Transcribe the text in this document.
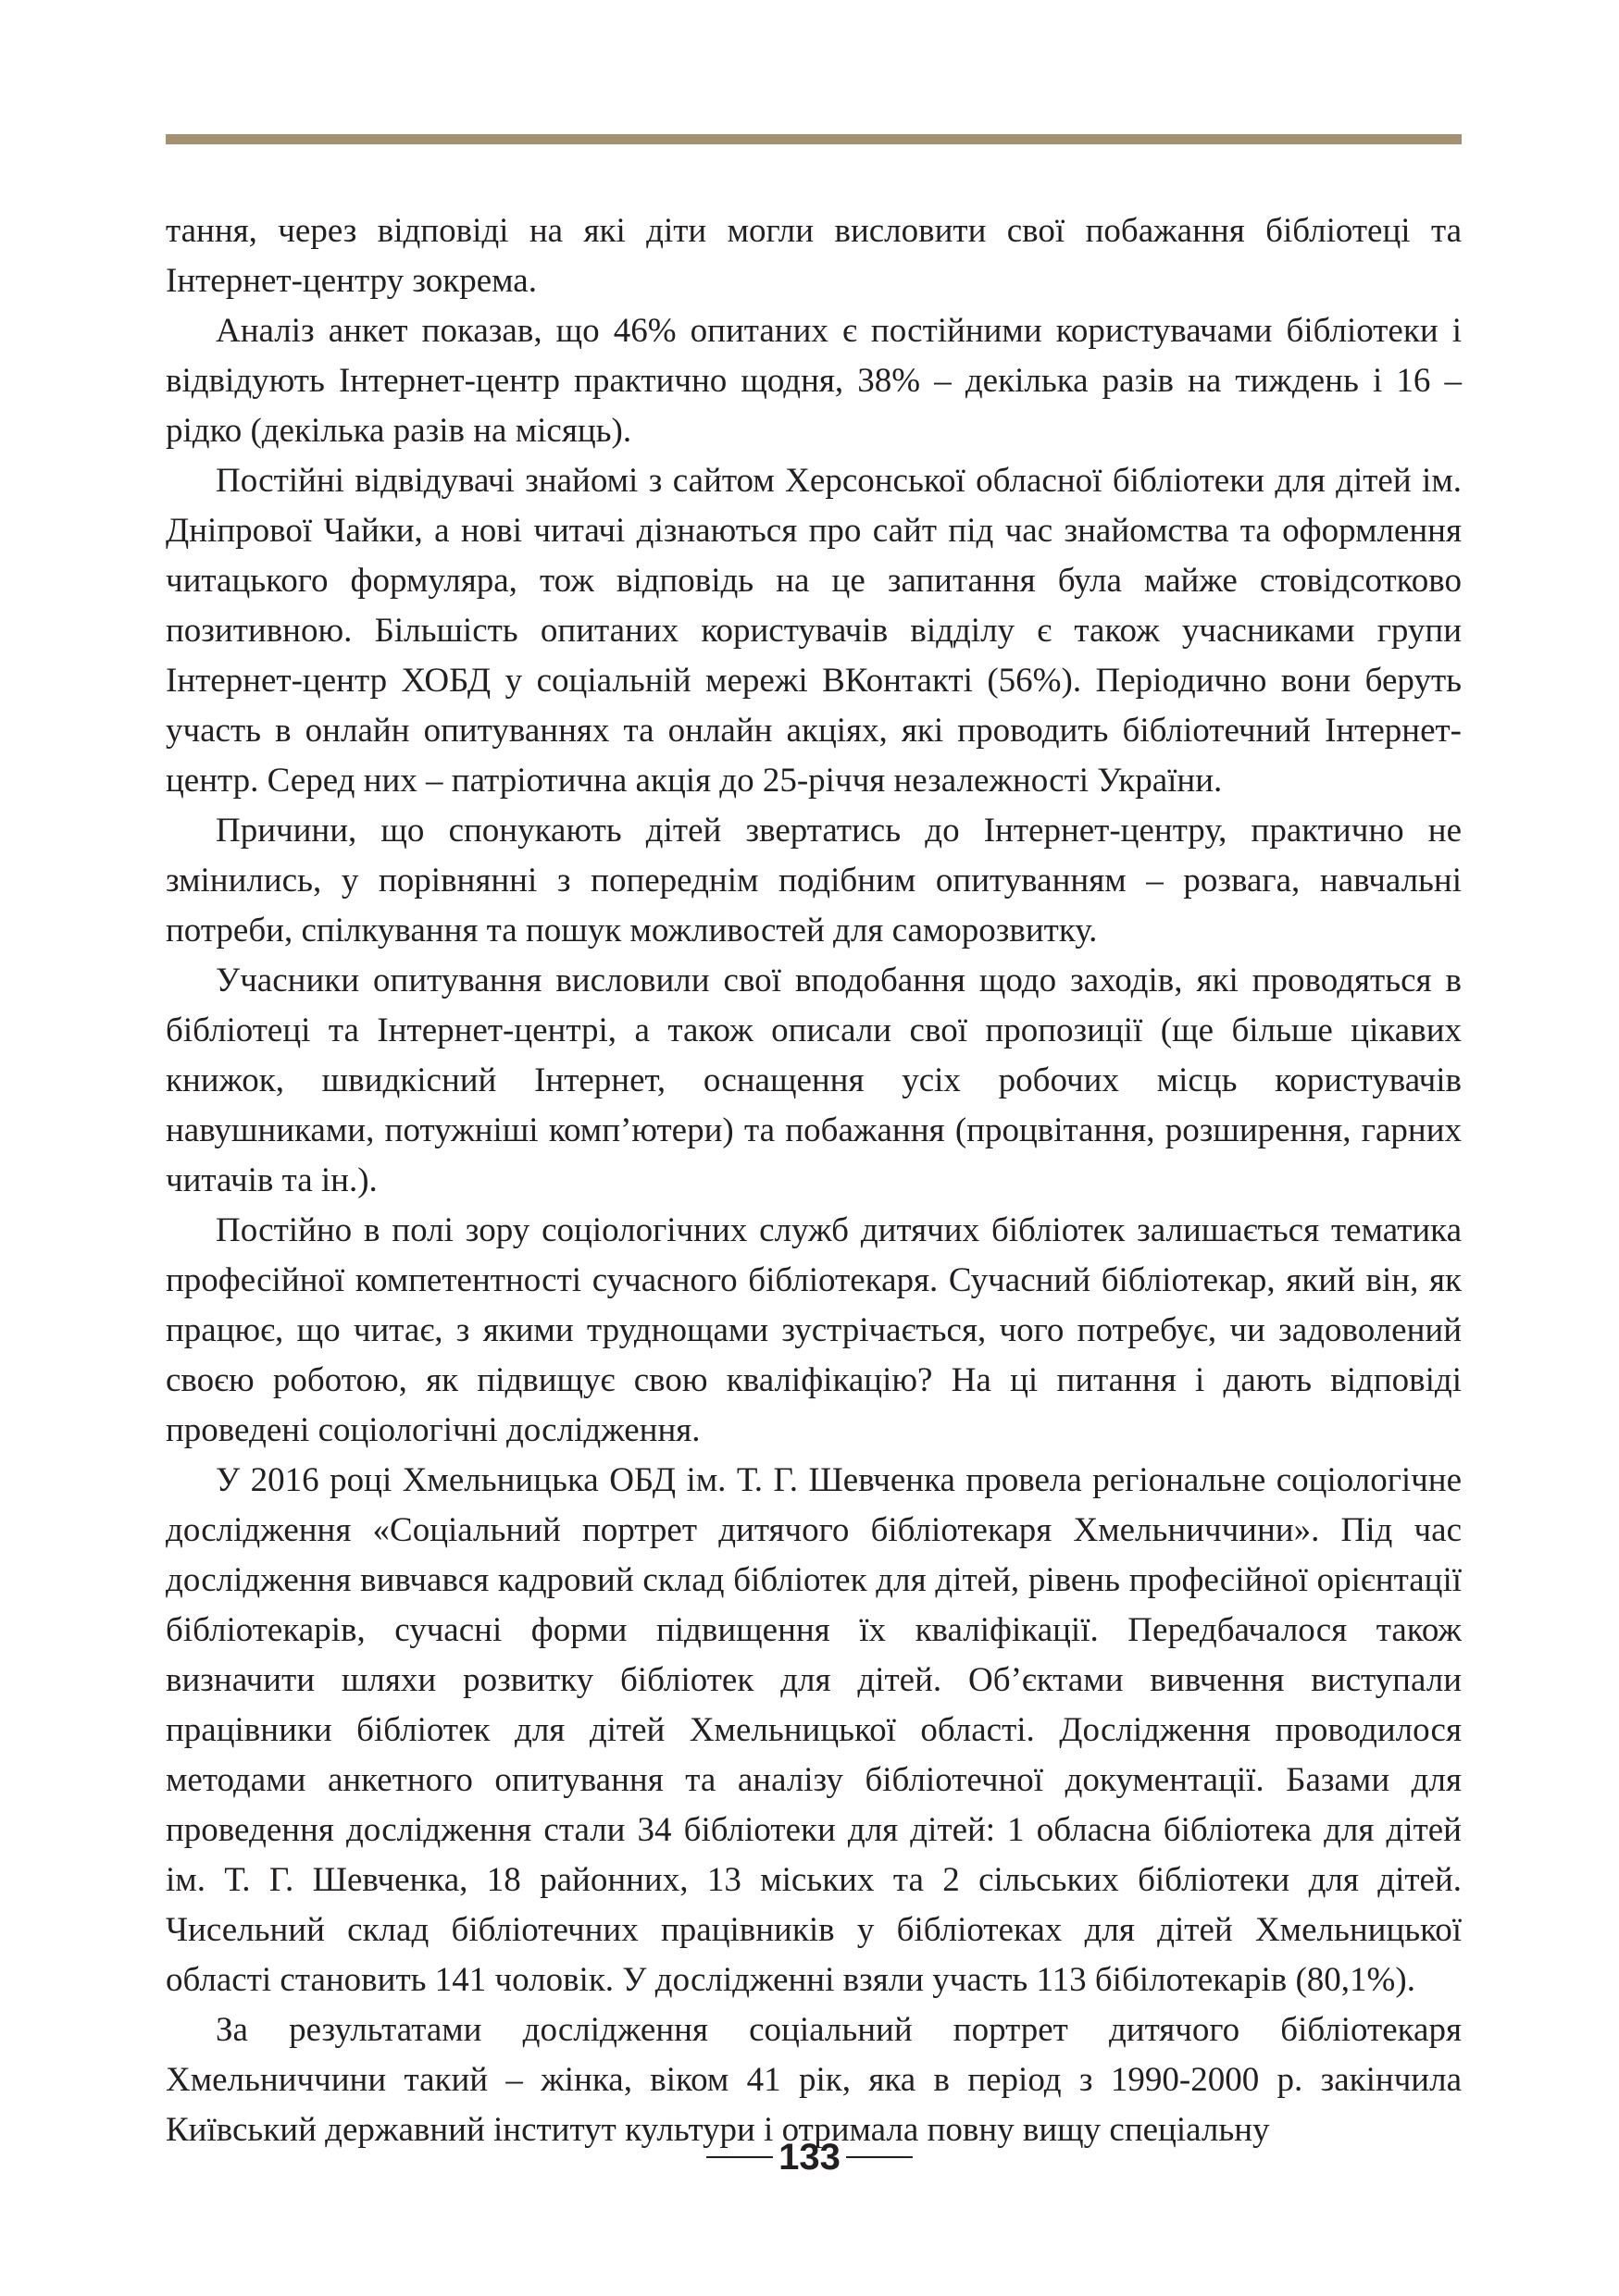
тання, через відповіді на які діти могли висловити свої побажання бібліотеці та Інтернет-центру зокрема.

Аналіз анкет показав, що 46% опитаних є постійними користувачами бібліотеки і відвідують Інтернет-центр практично щодня, 38% – декілька разів на тиждень і 16 – рідко (декілька разів на місяць).

Постійні відвідувачі знайомі з сайтом Херсонської обласної бібліотеки для дітей ім. Дніпрової Чайки, а нові читачі дізнаються про сайт під час знайомства та оформлення читацького формуляра, тож відповідь на це запитання була майже стовідсотково позитивною. Більшість опитаних користувачів відділу є також учасниками групи Інтернет-центр ХОБД у соціальній мережі ВКонтакті (56%). Періодично вони беруть участь в онлайн опитуваннях та онлайн акціях, які проводить бібліотечний Інтернет-центр. Серед них – патріотична акція до 25-річчя незалежності України.

Причини, що спонукають дітей звертатись до Інтернет-центру, практично не змінились, у порівнянні з попереднім подібним опитуванням – розвага, навчальні потреби, спілкування та пошук можливостей для саморозвитку.

Учасники опитування висловили свої вподобання щодо заходів, які проводяться в бібліотеці та Інтернет-центрі, а також описали свої пропозиції (ще більше цікавих книжок, швидкісний Інтернет, оснащення усіх робочих місць користувачів навушниками, потужніші комп’ютери) та побажання (процвітання, розширення, гарних читачів та ін.).

Постійно в полі зору соціологічних служб дитячих бібліотек залишається тематика професійної компетентності сучасного бібліотекаря. Сучасний бібліотекар, який він, як працює, що читає, з якими труднощами зустрічається, чого потребує, чи задоволений своєю роботою, як підвищує свою кваліфікацію? На ці питання і дають відповіді проведені соціологічні дослідження.

У 2016 році Хмельницька ОБД ім. Т. Г. Шевченка провела регіональне соціологічне дослідження «Соціальний портрет дитячого бібліотекаря Хмельниччини». Під час дослідження вивчався кадровий склад бібліотек для дітей, рівень професійної орієнтації бібліотекарів, сучасні форми підвищення їх кваліфікації. Передбачалося також визначити шляхи розвитку бібліотек для дітей. Об’єктами вивчення виступали працівники бібліотек для дітей Хмельницької області. Дослідження проводилося методами анкетного опитування та аналізу бібліотечної документації. Базами для проведення дослідження стали 34 бібліотеки для дітей: 1 обласна бібліотека для дітей ім. Т. Г. Шевченка, 18 районних, 13 міських та 2 сільських бібліотеки для дітей. Чисельний склад бібліотечних працівників у бібліотеках для дітей Хмельницької області становить 141 чоловік. У дослідженні взяли участь 113 бібілотекарів (80,1%).

За результатами дослідження соціальний портрет дитячого бібліотекаря Хмельниччини такий – жінка, віком 41 рік, яка в період з 1990-2000 р. закінчила Київський державний інститут культури і отримала повну вищу спеціальну

133
